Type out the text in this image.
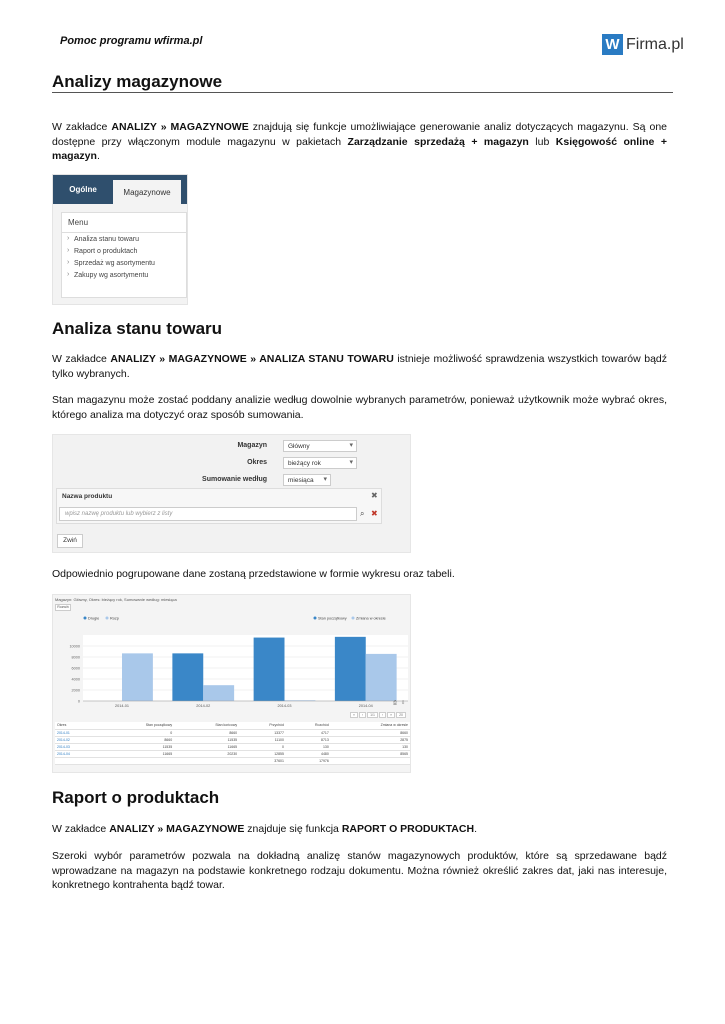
Pomoc programu wfirma.pl	W Firma.pl
Analizy magazynowe
W zakładce ANALIZY » MAGAZYNOWE znajdują się funkcje umożliwiające generowanie analiz dotyczących magazynu. Są one dostępne przy włączonym module magazynu w pakietach Zarządzanie sprzedażą + magazyn lub Księgowość online + magazyn.
Ogólne	Magazynowe
Menu
› Analiza stanu towaru
› Raport o produktach
› Sprzedaż wg asortymentu
› Zakupy wg asortymentu
Analiza stanu towaru
W zakładce ANALIZY » MAGAZYNOWE » ANALIZA STANU TOWARU istnieje możliwość sprawdzenia wszystkich towarów bądź tylko wybranych.
Stan magazynu może zostać poddany analizie według dowolnie wybranych parametrów, ponieważ użytkownik może wybrać okres, którego analiza ma dotyczyć oraz sposób sumowania.
Magazyn	Główny ▾
Okres	bieżący rok ▾
Sumowanie według	miesiąca ▾
Nazwa produktu
wpisz nazwę produktu lub wybierz z listy	⌕
✖
✖
Zwiń
Odpowiednio pogrupowane dane zostaną przedstawione w formie wykresu oraz tabeli.
Magazyn: Główny, Okres: bieżący rok, Sumowanie według: miesiąca
Rozwiń
0
2000
4000
6000
8000
10000
2014-01	2014-02	2014-03	2014-04
Drugie	Rozp	Stan początkowy Zmiana w okresie
⎙ ⇩
«	‹	1/1	›	»	20
Okres	Stan początkowy	Stan końcowy	Przychód	Rozchód	Zmiana w okresie
2014-01	0	8660	13377	4717	8660
2014-02	8660	11535	11100	8713	2875
2014-03	11535	11665	0	130	130
2014-04	11665	20230	12855	4480	8565
			37601	17976	
Raport o produktach
W zakładce ANALIZY » MAGAZYNOWE znajduje się funkcja RAPORT O PRODUKTACH.
Szeroki wybór parametrów pozwala na dokładną analizę stanów magazynowych produktów, które są sprzedawane bądź wprowadzane na magazyn na podstawie konkretnego rodzaju dokumentu. Można również określić zakres dat, jaki nas interesuje, konkretnego kontrahenta bądź towar.
